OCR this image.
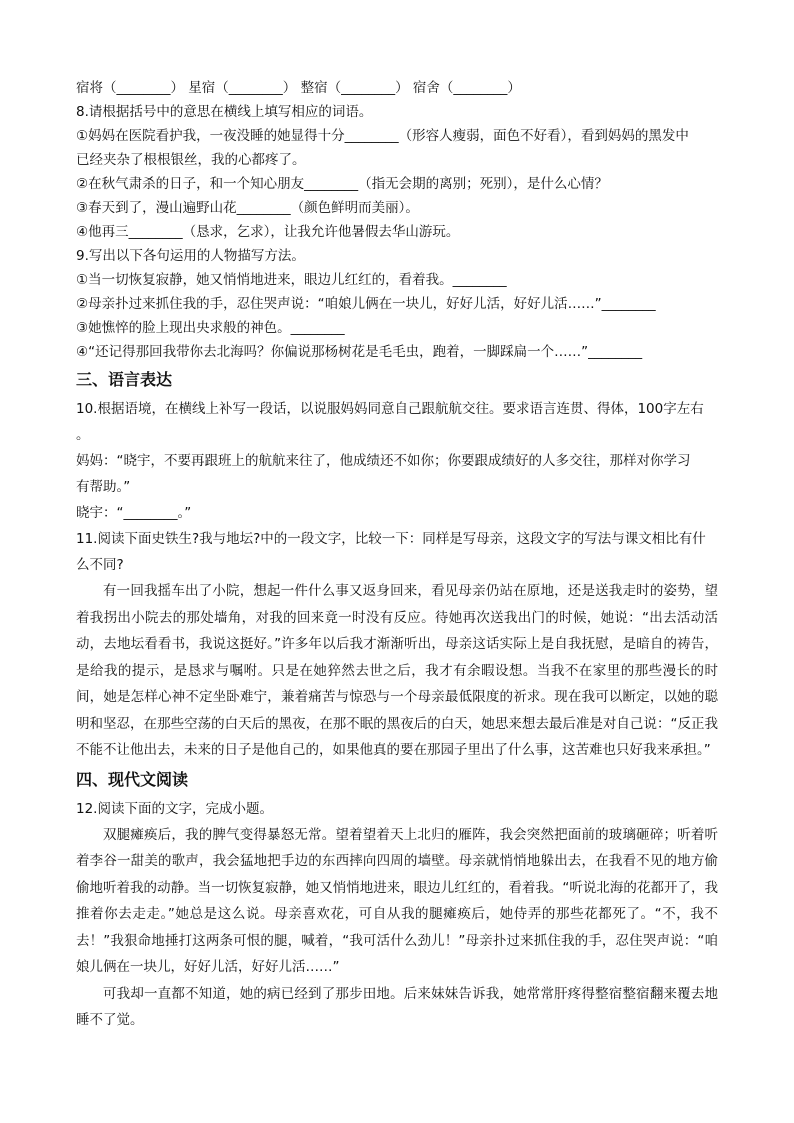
宿将（________） 星宿（________） 整宿（________） 宿舍（________）
8.请根据括号中的意思在横线上填写相应的词语。
①妈妈在医院看护我，一夜没睡的她显得十分________（形容人瘦弱，面色不好看），看到妈妈的黑发中
已经夹杂了根根银丝，我的心都疼了。
②在秋气肃杀的日子，和一个知心朋友________（指无会期的离别；死别），是什么心情？
③春天到了，漫山遍野山花________（颜色鲜明而美丽）。
④他再三________（恳求，乞求），让我允许他暑假去华山游玩。
9.写出以下各句运用的人物描写方法。
①当一切恢复寂静，她又悄悄地进来，眼边儿红红的，看着我。________
②母亲扑过来抓住我的手，忍住哭声说：“咱娘儿俩在一块儿，好好儿活，好好儿活……”________
③她憔悴的脸上现出央求般的神色。________
④“还记得那回我带你去北海吗？你偏说那杨树花是毛毛虫，跑着，一脚踩扁一个……”________
三、语言表达
10.根据语境，在横线上补写一段话，以说服妈妈同意自己跟航航交往。要求语言连贯、得体，100字左右
。
妈妈：“晓宇，不要再跟班上的航航来往了，他成绩还不如你；你要跟成绩好的人多交往，那样对你学习
有帮助。”
晓宇：“________。”
11.阅读下面史铁生?我与地坛?中的一段文字，比较一下：同样是写母亲，这段文字的写法与课文相比有什
么不同?
有一回我摇车出了小院，想起一件什么事又返身回来，看见母亲仍站在原地，还是送我走时的姿势，望着我拐出小院去的那处墙角，对我的回来竟一时没有反应。待她再次送我出门的时候，她说：“出去活动活动，去地坛看看书，我说这挺好。”许多年以后我才渐渐听出，母亲这话实际上是自我抚慰，是暗自的祷告，是给我的提示，是恳求与嘱咐。只是在她猝然去世之后，我才有余暇设想。当我不在家里的那些漫长的时间，她是怎样心神不定坐卧难宁，兼着痛苦与惊恐与一个母亲最低限度的祈求。现在我可以断定，以她的聪明和坚忍，在那些空荡的白天后的黑夜，在那不眠的黑夜后的白天，她思来想去最后准是对自己说：“反正我不能不让他出去，未来的日子是他自己的，如果他真的要在那园子里出了什么事，这苦难也只好我来承担。”
四、现代文阅读
12.阅读下面的文字，完成小题。
双腿瘫痪后，我的脾气变得暴怒无常。望着望着天上北归的雁阵，我会突然把面前的玻璃砸碎；听着听着李谷一甜美的歌声，我会猛地把手边的东西摔向四周的墙壁。母亲就悄悄地躲出去，在我看不见的地方偷偷地听着我的动静。当一切恢复寂静，她又悄悄地进来，眼边儿红红的，看着我。“听说北海的花都开了，我推着你去走走。”她总是这么说。母亲喜欢花，可自从我的腿瘫痪后，她侍弄的那些花都死了。“不，我不去！”我狠命地捶打这两条可恨的腿，喊着，“我可活什么劲儿！”母亲扑过来抓住我的手，忍住哭声说：“咱娘儿俩在一块儿，好好儿活，好好儿活……”
可我却一直都不知道，她的病已经到了那步田地。后来妹妹告诉我，她常常肝疼得整宿整宿翻来覆去地睡不了觉。
